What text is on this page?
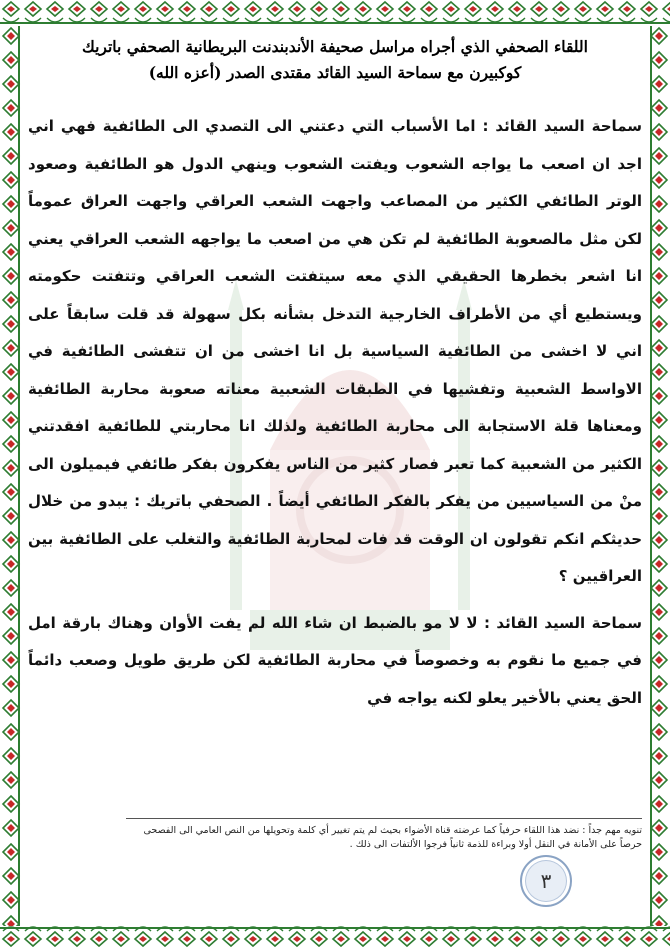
اللقاء الصحفي الذي أجراه مراسل صحيفة الأندبندنت البريطانية الصحفي باتريك
كوكبيرن مع سماحة السيد القائد مقتدى الصدر (أعزه الله)

سماحة السيد القائد : اما الأسباب التي دعتني الى التصدي الى الطائفية فهي اني اجد ان اصعب ما يواجه الشعوب ويفتت الشعوب وينهي الدول هو الطائفية وصعود الوتر الطائفي الكثير من المصاعب واجهت الشعب العراقي واجهت العراق عموماً لكن مثل مالصعوبة الطائفية لم تكن هي من اصعب ما يواجهه الشعب العراقي يعني انا اشعر بخطرها الحقيقي الذي معه سيتفتت الشعب العراقي وتتفتت حكومته ويستطيع أي من الأطراف الخارجية التدخل بشأنه بكل سهولة قد قلت سابقاً على اني لا اخشى من الطائفية السياسية بل انا اخشى من ان تتفشى الطائفية في الاواسط الشعبية وتفشيها في الطبقات الشعبية معناته صعوبة محاربة الطائفية ومعناها قلة الاستجابة الى محاربة الطائفية ولذلك انا محاربتي للطائفية افقدتني الكثير من الشعبية كما تعبر فصار كثير من الناس يفكرون بفكر طائفي فيميلون الى منْ من السياسيين من يفكر بالفكر الطائفي أيضاً . الصحفي باتريك : يبدو من خلال حديثكم انكم تقولون ان الوقت قد فات لمحاربة الطائفية والتغلب على الطائفية بين العراقيين ؟

سماحة السيد القائد : لا لا مو بالضبط ان شاء الله لم يفت الأوان وهناك بارقة امل في جميع ما نقوم به وخصوصاً في محاربة الطائفية لكن طريق طويل وصعب دائماً الحق يعني بالأخير يعلو لكنه يواجه في

تنويه مهم جداً : نضد هذا اللقاء حرفياً كما عرضته قناة الأضواء بحيث لم يتم تغيير أي كلمة وتحويلها من النص العامي الى الفصحى حرصاً على الأمانة في النقل أولا وبراءة للذمة ثانياً فرجوا الألتفات الى ذلك .
٣
